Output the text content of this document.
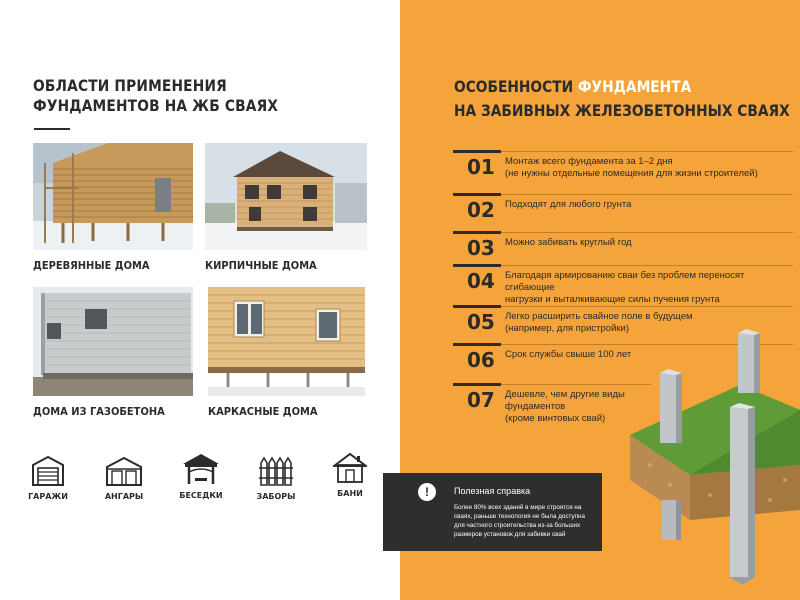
ОБЛАСТИ ПРИМЕНЕНИЯ
ФУНДАМЕНТОВ НА ЖБ СВАЯХ
ДЕРЕВЯННЫЕ ДОМА	КИРПИЧНЫЕ ДОМА
ДОМА ИЗ ГАЗОБЕТОНА	КАРКАСНЫЕ ДОМА
ГАРАЖИ	АНГАРЫ	БЕСЕДКИ	ЗАБОРЫ	БАНИ
ОСОБЕННОСТИ ФУНДАМЕНТА
НА ЗАБИВНЫХ ЖЕЛЕЗОБЕТОННЫХ СВАЯХ
01 Монтаж всего фундамента за 1–2 дня
(не нужны отдельные помещения для жизни строителей)
02 Подходят для любого грунта
03 Можно забивать круглый год
04 Благодаря армированию сваи без проблем переносят сгибающие
нагрузки и выталкивающие силы пучения грунта
05 Легко расширить свайное поле в будущем
(например, для пристройки)
06 Срок службы свыше 100 лет
07 Дешевле, чем другие виды
фундаментов
(кроме винтовых свай)
!	Полезная справка
Более 80% всех зданий в мире строятся на
сваях, раньше технология не была доступна
для частного строительства из-за больших
размеров установок для забивки свай
